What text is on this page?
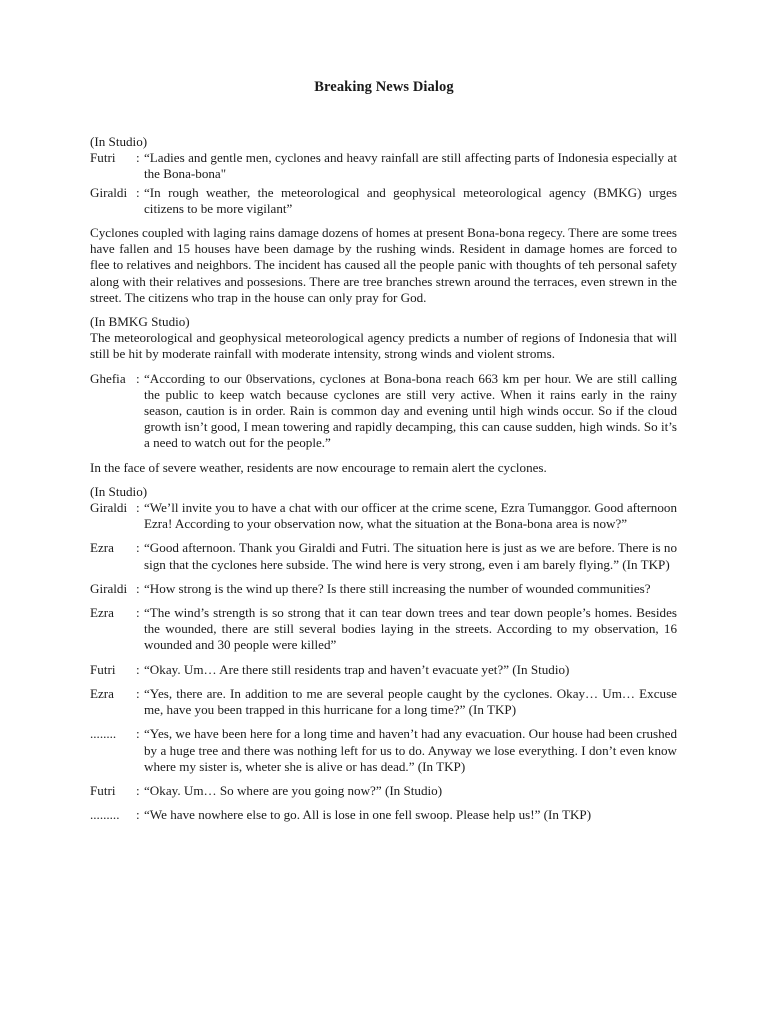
Breaking News Dialog

(In Studio)

Futri	: “Ladies and gentle men, cyclones and heavy rainfall are still affecting parts of Indonesia especially at the Bona-bona"
Giraldi : “In rough weather, the meteorological and geophysical meteorological agency (BMKG) urges citizens to be more vigilant”

Cyclones coupled with laging rains damage dozens of homes at present Bona-bona regecy. There are some trees have fallen and 15 houses have been damage by the rushing winds. Resident in damage homes are forced to flee to relatives and neighbors. The incident has caused all the people panic with thoughts of teh personal safety along with their relatives and possesions. There are tree branches strewn around the terraces, even strewn in the street. The citizens who trap in the house can only pray for God.

(In BMKG Studio)

The meteorological and geophysical meteorological agency predicts a number of regions of Indonesia that will still be hit by moderate rainfall with moderate intensity, strong winds and violent stroms.

Ghefia : “According to our 0bservations, cyclones at Bona-bona reach 663 km per hour. We are still calling the public to keep watch because cyclones are still very active. When it rains early in the rainy season, caution is in order. Rain is common day and evening until high winds occur. So if the cloud growth isn’t good, I mean towering and rapidly decamping, this can cause sudden, high winds. So it’s a need to watch out for the people.”

In the face of severe weather, residents are now encourage to remain alert the cyclones.

(In Studio)

Giraldi : “We’ll invite you to have a chat with our officer at the crime scene, Ezra Tumanggor. Good afternoon Ezra! According to your observation now, what the situation at the Bona-bona area is now?”
Ezra	: “Good afternoon. Thank you Giraldi and Futri. The situation here is just as we are before. There is no sign that the cyclones here subside. The wind here is very strong, even i am barely flying.” (In TKP)
Giraldi : “How strong is the wind up there? Is there still increasing the number of wounded communities?
Ezra	: “The wind’s strength is so strong that it can tear down trees and tear down people’s homes. Besides the wounded, there are still several bodies laying in the streets. According to my observation, 16 wounded and 30 people were killed”
Futri	: “Okay. Um… Are there still residents trap and haven’t evacuate yet?” (In Studio)
Ezra	: “Yes, there are. In addition to me are several people caught by the cyclones. Okay… Um… Excuse me, have you been trapped in this hurricane for a long time?” (In TKP)
........	: “Yes, we have been here for a long time and haven’t had any evacuation. Our house had been crushed by a huge tree and there was nothing left for us to do. Anyway we lose everything. I don’t even know where my sister is, wheter she is alive or has dead.” (In TKP)
Futri	: “Okay. Um… So where are you going now?” (In Studio)
.........	: “We have nowhere else to go. All is lose in one fell swoop. Please help us!” (In TKP)
